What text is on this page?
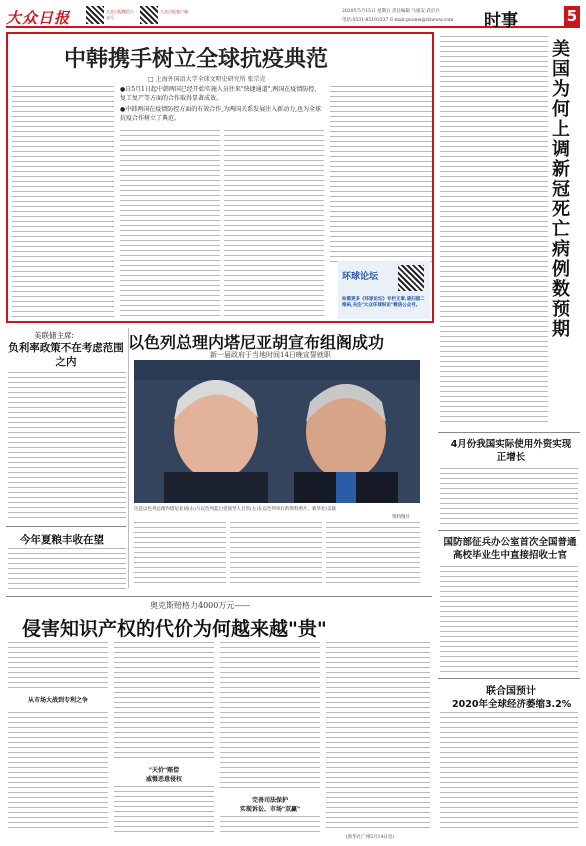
大众日报	大众日报微信公众号
大众日报客户端	2020年5月15日 星期五 责任编辑 马康安 武京兵
电话:0531-85193337 E-mail:guonei@dzwww.com	时事	5
中韩携手树立全球抗疫典范
□ 上海外国语大学全球文明史研究所 张宗克
●自5月1日起中韩两国已经开始实施人员往来"快捷通道",两国在疫情防控、复工复产等方面的合作取得显著成效。
●中韩两国在疫情防控方面的有效合作,为两国关系发展注入新动力,也为全球抗疫合作树立了典范。
环球论坛
如需更多《环球论坛》专栏文章,请扫描二维码,关注"大众环球纵论"微信公众号。
美国为何上调新冠死亡病例数预期
美联储主席:
负利率政策不在考虑范围之内
今年夏粮丰收在望
以色列总理内塔尼亚胡宣布组阁成功
新一届政府于当地时间14日晚宣誓就职
这是以色列总理内塔尼亚胡(右)与以色列蓝白党领导人甘茨(左)在以色列举行的资料照片。新华社/美联
资料图片
4月份我国实际使用外资实现正增长
国防部征兵办公室首次全国普通高校毕业生中直接招收士官
联合国预计
2020年全球经济萎缩3.2%
奥克斯赔格力4000万元——
侵害知识产权的代价为何越来越"贵"
从市场大战到专利之争
"天价"赔偿
威慑恶意侵权
完善司法保护
实现诉讼、市场"双赢"
(新华社广州5月14日电)
